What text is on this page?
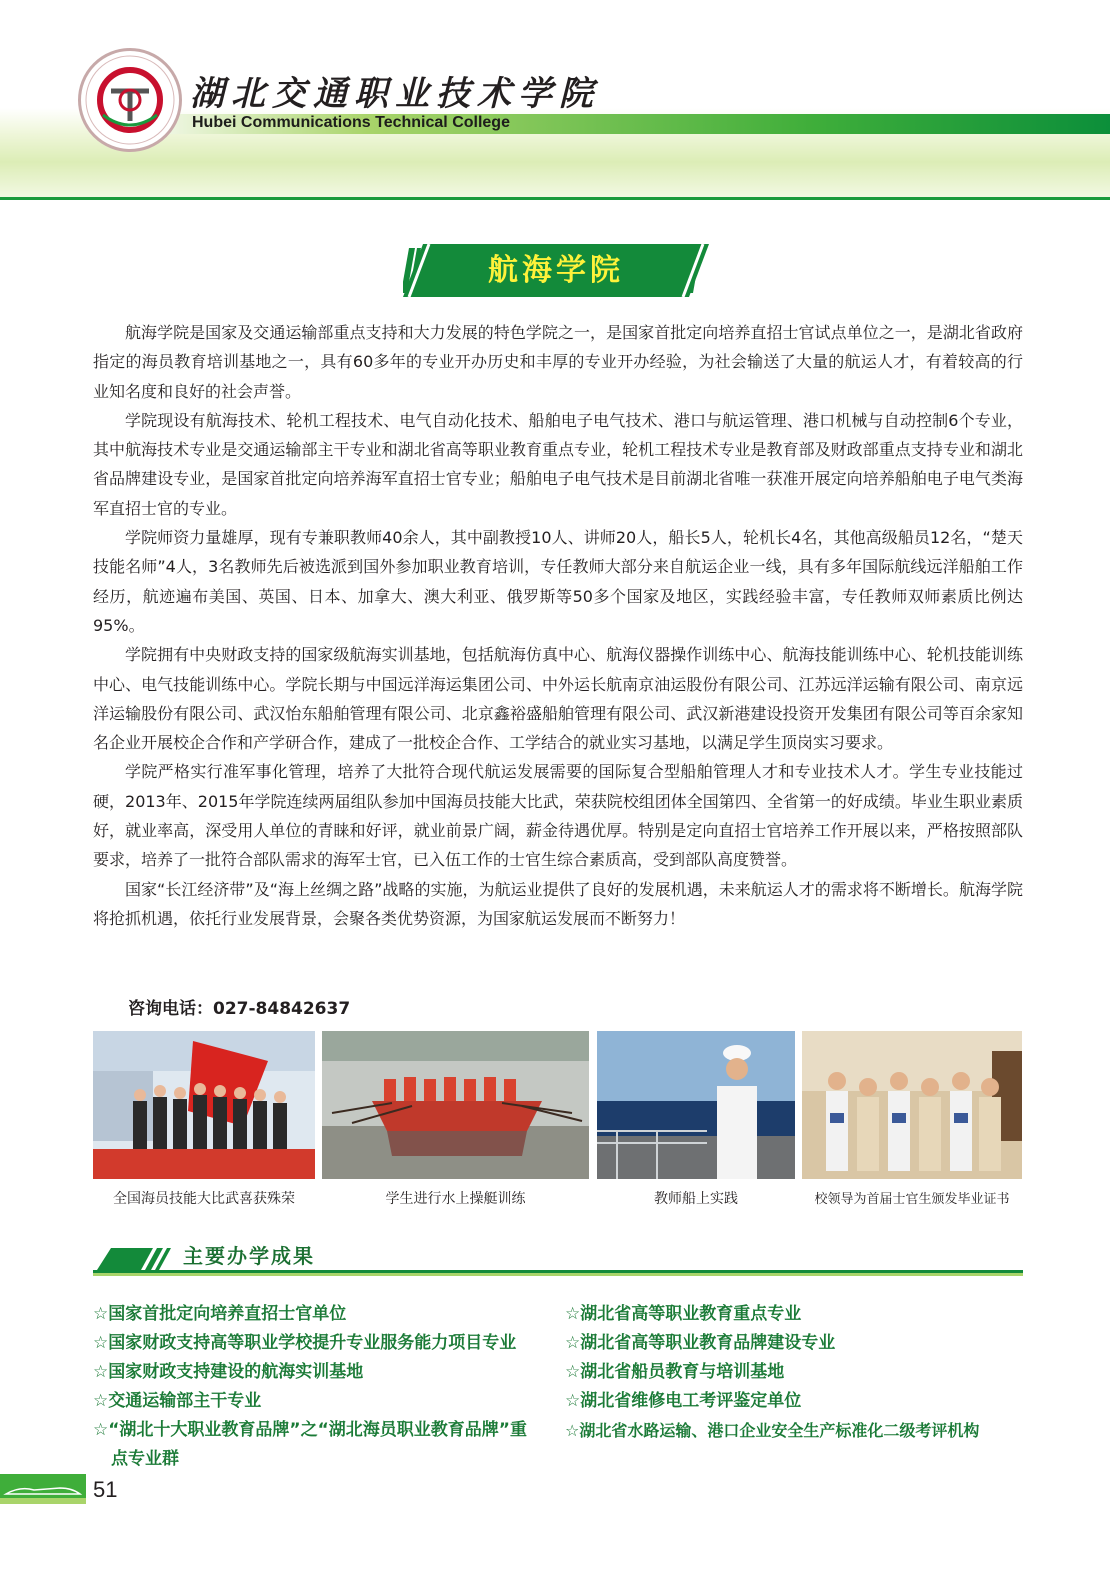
湖北交通职业技术学院
Hubei Communications Technical College
航海学院

航海学院是国家及交通运输部重点支持和大力发展的特色学院之一，是国家首批定向培养直招士官试点单位之一，是湖北省政府指定的海员教育培训基地之一，具有60多年的专业开办历史和丰厚的专业开办经验，为社会输送了大量的航运人才，有着较高的行业知名度和良好的社会声誉。

学院现设有航海技术、轮机工程技术、电气自动化技术、船舶电子电气技术、港口与航运管理、港口机械与自动控制6个专业，其中航海技术专业是交通运输部主干专业和湖北省高等职业教育重点专业，轮机工程技术专业是教育部及财政部重点支持专业和湖北省品牌建设专业，是国家首批定向培养海军直招士官专业；船舶电子电气技术是目前湖北省唯一获准开展定向培养船舶电子电气类海军直招士官的专业。

学院师资力量雄厚，现有专兼职教师40余人，其中副教授10人、讲师20人，船长5人，轮机长4名，其他高级船员12名，“楚天技能名师”4人，3名教师先后被选派到国外参加职业教育培训，专任教师大部分来自航运企业一线，具有多年国际航线远洋船舶工作经历，航迹遍布美国、英国、日本、加拿大、澳大利亚、俄罗斯等50多个国家及地区，实践经验丰富，专任教师双师素质比例达95%。

学院拥有中央财政支持的国家级航海实训基地，包括航海仿真中心、航海仪器操作训练中心、航海技能训练中心、轮机技能训练中心、电气技能训练中心。学院长期与中国远洋海运集团公司、中外运长航南京油运股份有限公司、江苏远洋运输有限公司、南京远洋运输股份有限公司、武汉怡东船舶管理有限公司、北京鑫裕盛船舶管理有限公司、武汉新港建设投资开发集团有限公司等百余家知名企业开展校企合作和产学研合作，建成了一批校企合作、工学结合的就业实习基地，以满足学生顶岗实习要求。

学院严格实行准军事化管理，培养了大批符合现代航运发展需要的国际复合型船舶管理人才和专业技术人才。学生专业技能过硬，2013年、2015年学院连续两届组队参加中国海员技能大比武，荣获院校组团体全国第四、全省第一的好成绩。毕业生职业素质好，就业率高，深受用人单位的青睐和好评，就业前景广阔，薪金待遇优厚。特别是定向直招士官培养工作开展以来，严格按照部队要求，培养了一批符合部队需求的海军士官，已入伍工作的士官生综合素质高，受到部队高度赞誉。

国家“长江经济带”及“海上丝绸之路”战略的实施，为航运业提供了良好的发展机遇，未来航运人才的需求将不断增长。航海学院将抢抓机遇，依托行业发展背景，会聚各类优势资源，为国家航运发展而不断努力！

咨询电话：027-84842637
全国海员技能大比武喜获殊荣	学生进行水上操艇训练	教师船上实践	校领导为首届士官生颁发毕业证书
主要办学成果
☆国家首批定向培养直招士官单位
☆国家财政支持高等职业学校提升专业服务能力项目专业
☆国家财政支持建设的航海实训基地
☆交通运输部主干专业
☆“湖北十大职业教育品牌”之“湖北海员职业教育品牌”重点专业群
☆湖北省高等职业教育重点专业
☆湖北省高等职业教育品牌建设专业
☆湖北省船员教育与培训基地
☆湖北省维修电工考评鉴定单位
☆湖北省水路运输、港口企业安全生产标准化二级考评机构
51
